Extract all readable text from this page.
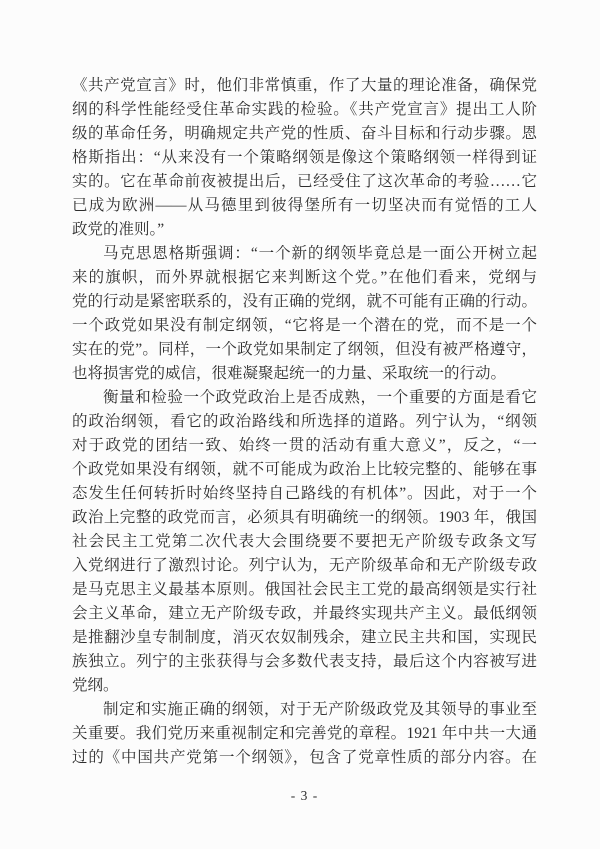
《共产党宣言》时，他们非常慎重，作了大量的理论准备，确保党
纲的科学性能经受住革命实践的检验。《共产党宣言》提出工人阶
级的革命任务，明确规定共产党的性质、奋斗目标和行动步骤。恩
格斯指出：“从来没有一个策略纲领是像这个策略纲领一样得到证
实的。它在革命前夜被提出后，已经受住了这次革命的考验……它
已成为欧洲——从马德里到彼得堡所有一切坚决而有觉悟的工人
政党的准则。”
马克思恩格斯强调：“一个新的纲领毕竟总是一面公开树立起
来的旗帜，而外界就根据它来判断这个党。”在他们看来，党纲与
党的行动是紧密联系的，没有正确的党纲，就不可能有正确的行动。
一个政党如果没有制定纲领，“它将是一个潜在的党，而不是一个
实在的党”。同样，一个政党如果制定了纲领，但没有被严格遵守，
也将损害党的威信，很难凝聚起统一的力量、采取统一的行动。
衡量和检验一个政党政治上是否成熟，一个重要的方面是看它
的政治纲领，看它的政治路线和所选择的道路。列宁认为，“纲领
对于政党的团结一致、始终一贯的活动有重大意义”，反之，“一
个政党如果没有纲领，就不可能成为政治上比较完整的、能够在事
态发生任何转折时始终坚持自己路线的有机体”。因此，对于一个
政治上完整的政党而言，必须具有明确统一的纲领。1903 年，俄国
社会民主工党第二次代表大会围绕要不要把无产阶级专政条文写
入党纲进行了激烈讨论。列宁认为，无产阶级革命和无产阶级专政
是马克思主义最基本原则。俄国社会民主工党的最高纲领是实行社
会主义革命，建立无产阶级专政，并最终实现共产主义。最低纲领
是推翻沙皇专制制度，消灭农奴制残余，建立民主共和国，实现民
族独立。列宁的主张获得与会多数代表支持，最后这个内容被写进
党纲。
制定和实施正确的纲领，对于无产阶级政党及其领导的事业至
关重要。我们党历来重视制定和完善党的章程。1921 年中共一大通
过的《中国共产党第一个纲领》，包含了党章性质的部分内容。在
- 3 -
